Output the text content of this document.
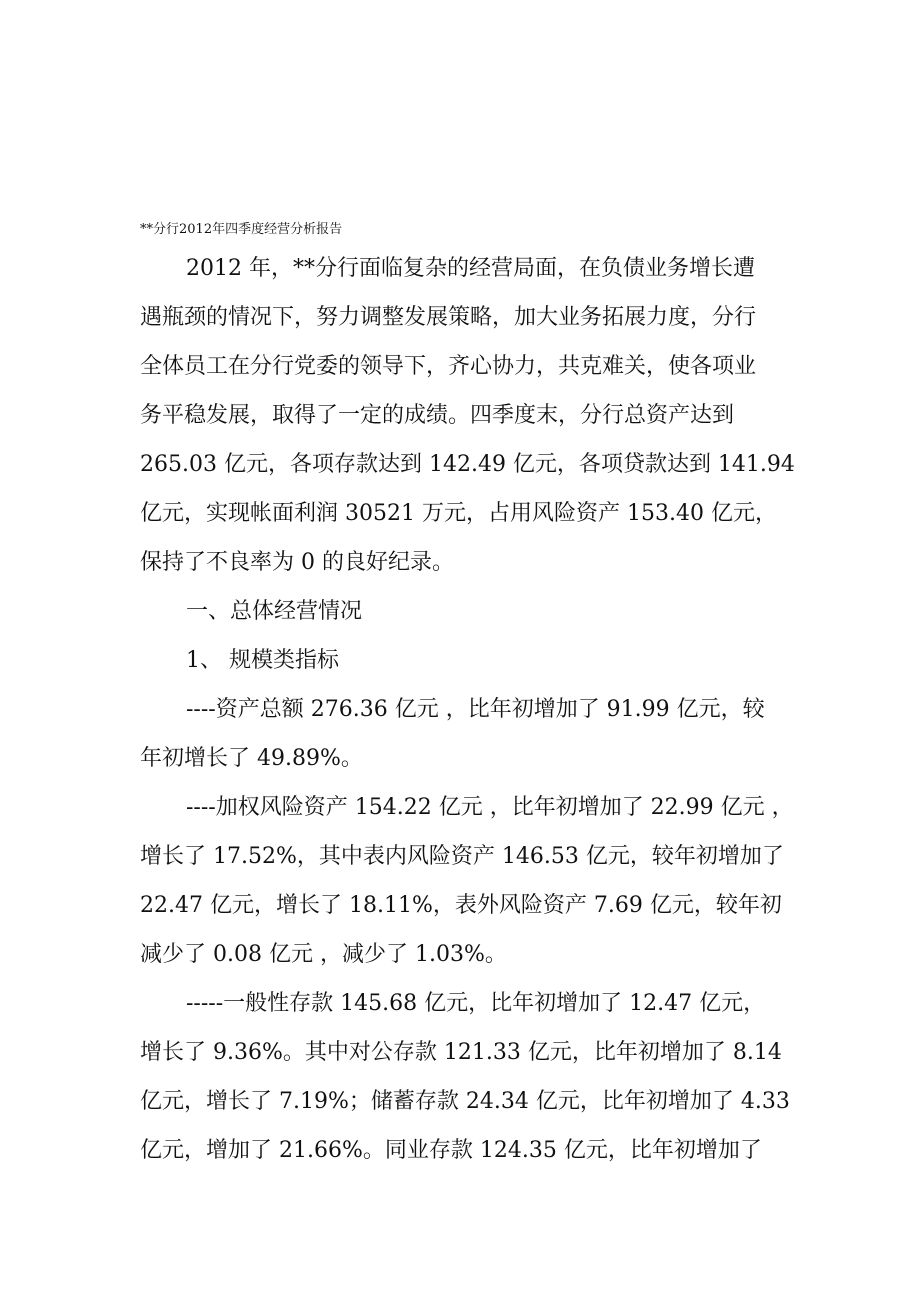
**分行2012年四季度经营分析报告
2012 年，**分行面临复杂的经营局面，在负债业务增长遭
遇瓶颈的情况下，努力调整发展策略，加大业务拓展力度，分行
全体员工在分行党委的领导下，齐心协力，共克难关，使各项业
务平稳发展，取得了一定的成绩。四季度末，分行总资产达到
265.03 亿元，各项存款达到 142.49 亿元，各项贷款达到 141.94
亿元，实现帐面利润 30521 万元，占用风险资产 153.40 亿元，
保持了不良率为 0 的良好纪录。
一、总体经营情况
1、 规模类指标
----资产总额 276.36 亿元 ，比年初增加了 91.99 亿元，较
年初增长了 49.89%。
----加权风险资产 154.22 亿元 ，比年初增加了 22.99 亿元 ，
增长了 17.52%，其中表内风险资产 146.53 亿元，较年初增加了
22.47 亿元，增长了 18.11%，表外风险资产 7.69 亿元，较年初
减少了 0.08 亿元 ，减少了 1.03%。
-----一般性存款 145.68 亿元，比年初增加了 12.47 亿元，
增长了 9.36%。其中对公存款 121.33 亿元，比年初增加了 8.14
亿元，增长了 7.19%；储蓄存款 24.34 亿元，比年初增加了 4.33
亿元，增加了 21.66%。同业存款 124.35 亿元，比年初增加了
